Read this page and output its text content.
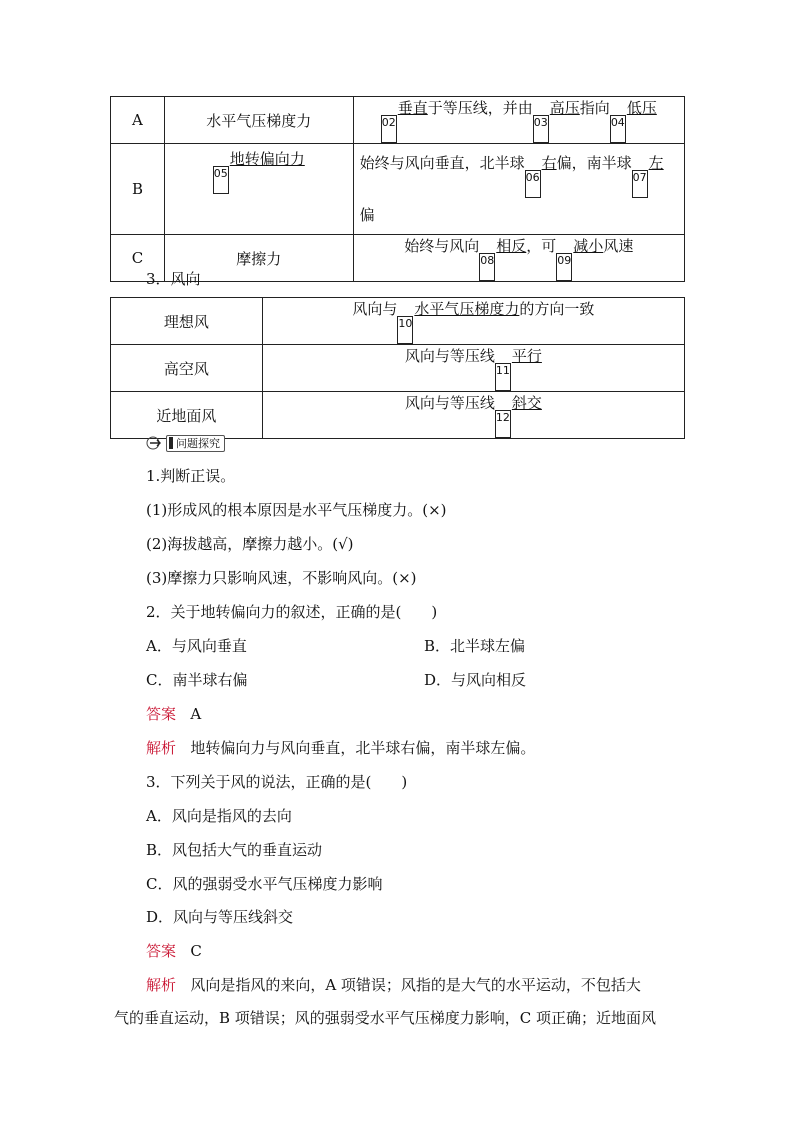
A	水平气压梯度力	02垂直于等压线，并由03高压指向04低压
B	05地转偏向力	始终与风向垂直，北半球06右偏，南半球07左
偏
C	摩擦力	始终与风向08相反，可09减小风速
3．风向
理想风	风向与10水平气压梯度力的方向一致
高空风	风向与等压线11平行
近地面风	风向与等压线12斜交
问题探究
1.判断正误。
(1)形成风的根本原因是水平气压梯度力。(×)
(2)海拔越高，摩擦力越小。(√)
(3)摩擦力只影响风速，不影响风向。(×)
2．关于地转偏向力的叙述，正确的是(　　)
A．与风向垂直	B．北半球左偏
C．南半球右偏	D．与风向相反
答案 A
解析 地转偏向力与风向垂直，北半球右偏，南半球左偏。
3．下列关于风的说法，正确的是(　　)
A．风向是指风的去向
B．风包括大气的垂直运动
C．风的强弱受水平气压梯度力影响
D．风向与等压线斜交
答案 C
解析 风向是指风的来向，A 项错误；风指的是大气的水平运动，不包括大
气的垂直运动，B 项错误；风的强弱受水平气压梯度力影响，C 项正确；近地面风
